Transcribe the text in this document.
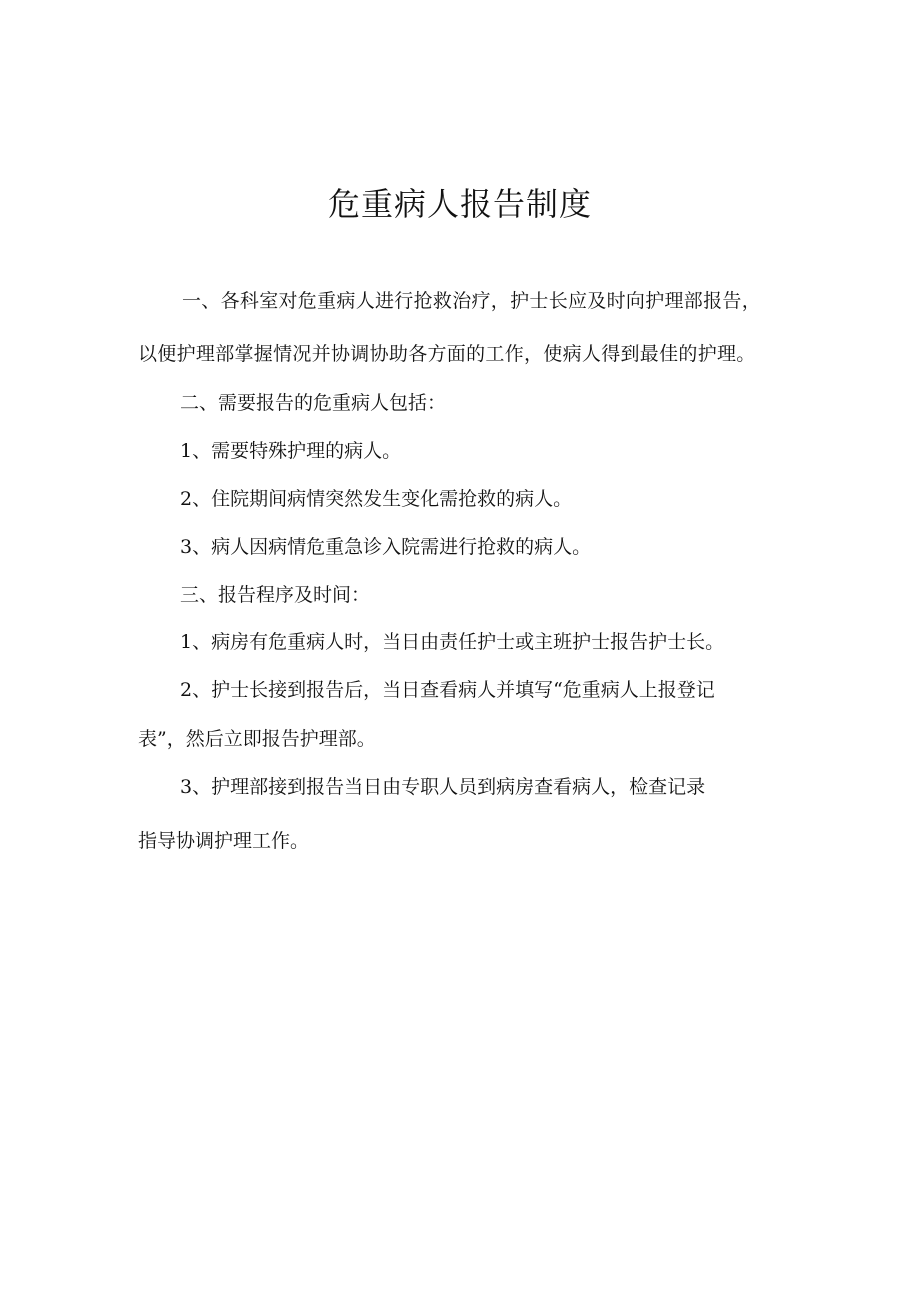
危重病人报告制度
一、各科室对危重病人进行抢救治疗，护士长应及时向护理部报告，
以便护理部掌握情况并协调协助各方面的工作，使病人得到最佳的护理。
二、需要报告的危重病人包括：
1、需要特殊护理的病人。
2、住院期间病情突然发生变化需抢救的病人。
3、病人因病情危重急诊入院需进行抢救的病人。
三、报告程序及时间：
1、病房有危重病人时，当日由责任护士或主班护士报告护士长。
2、护士长接到报告后，当日查看病人并填写“危重病人上报登记
表”，然后立即报告护理部。
3、护理部接到报告当日由专职人员到病房查看病人，检查记录
指导协调护理工作。
